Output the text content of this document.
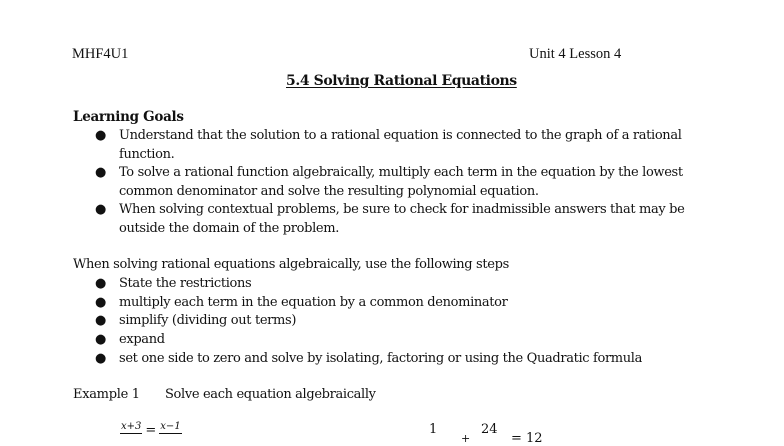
MHF4U1	Unit 4 Lesson 4
5.4 Solving Rational Equations
Learning Goals
● Understand that the solution to a rational equation is connected to the graph of a rational function.
● To solve a rational function algebraically, multiply each term in the equation by the lowest common denominator and solve the resulting polynomial equation.
● When solving contextual problems, be sure to check for inadmissible answers that may be outside the domain of the problem.
When solving rational equations algebraically, use the following steps
● State the restrictions
● multiply each term in the equation by a common denominator
● simplify (dividing out terms)
● expand
● set one side to zero and solve by isolating, factoring or using the Quadratic formula
Example 1 Solve each equation algebraically
x+3 = x−1	1
+
24
= 12
